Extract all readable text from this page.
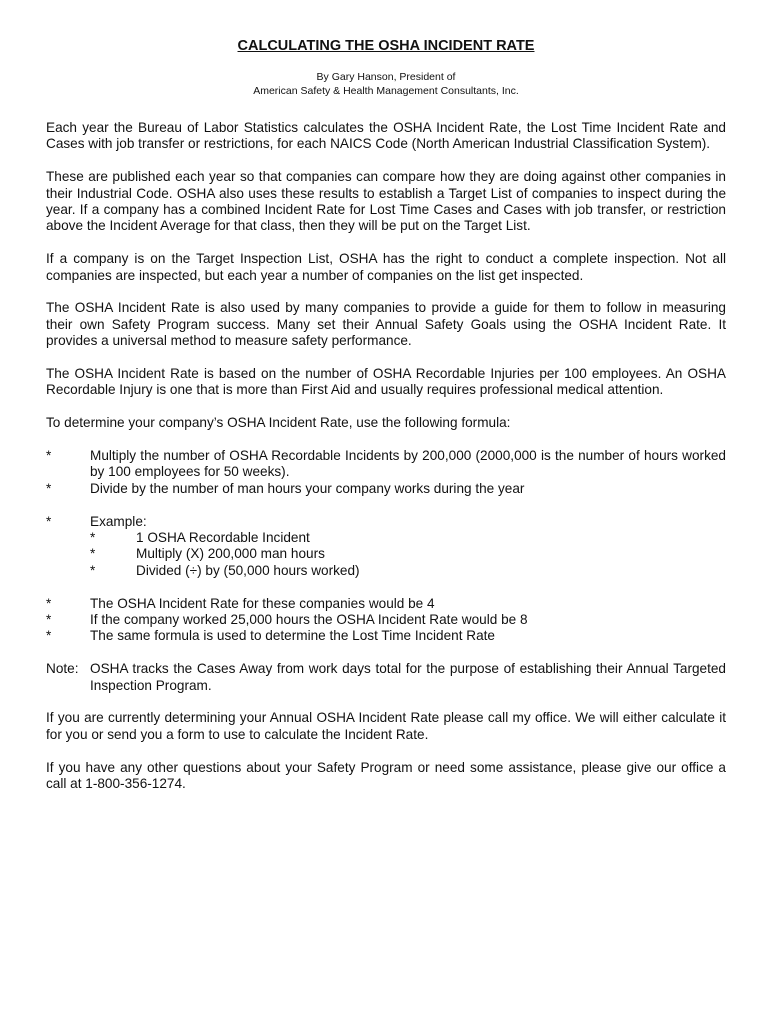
CALCULATING THE OSHA INCIDENT RATE
By Gary Hanson, President of
American Safety & Health Management Consultants, Inc.

Each year the Bureau of Labor Statistics calculates the OSHA Incident Rate, the Lost Time Incident Rate and Cases with job transfer or restrictions, for each NAICS Code (North American Industrial Classification System).

These are published each year so that companies can compare how they are doing against other companies in their Industrial Code. OSHA also uses these results to establish a Target List of companies to inspect during the year. If a company has a combined Incident Rate for Lost Time Cases and Cases with job transfer, or restriction above the Incident Average for that class, then they will be put on the Target List.

If a company is on the Target Inspection List, OSHA has the right to conduct a complete inspection. Not all companies are inspected, but each year a number of companies on the list get inspected.

The OSHA Incident Rate is also used by many companies to provide a guide for them to follow in measuring their own Safety Program success. Many set their Annual Safety Goals using the OSHA Incident Rate. It provides a universal method to measure safety performance.

The OSHA Incident Rate is based on the number of OSHA Recordable Injuries per 100 employees. An OSHA Recordable Injury is one that is more than First Aid and usually requires professional medical attention.

To determine your company’s OSHA Incident Rate, use the following formula:

*	Multiply the number of OSHA Recordable Incidents by 200,000 (2000,000 is the number of hours worked by 100 employees for 50 weeks).
*	Divide by the number of man hours your company works during the year
*	Example:
*	1 OSHA Recordable Incident
*	Multiply (X) 200,000 man hours
*	Divided (÷) by (50,000 hours worked)
*	The OSHA Incident Rate for these companies would be 4
*	If the company worked 25,000 hours the OSHA Incident Rate would be 8
*	The same formula is used to determine the Lost Time Incident Rate
Note: OSHA tracks the Cases Away from work days total for the purpose of establishing their Annual Targeted Inspection Program.

If you are currently determining your Annual OSHA Incident Rate please call my office. We will either calculate it for you or send you a form to use to calculate the Incident Rate.

If you have any other questions about your Safety Program or need some assistance, please give our office a call at 1-800-356-1274.
